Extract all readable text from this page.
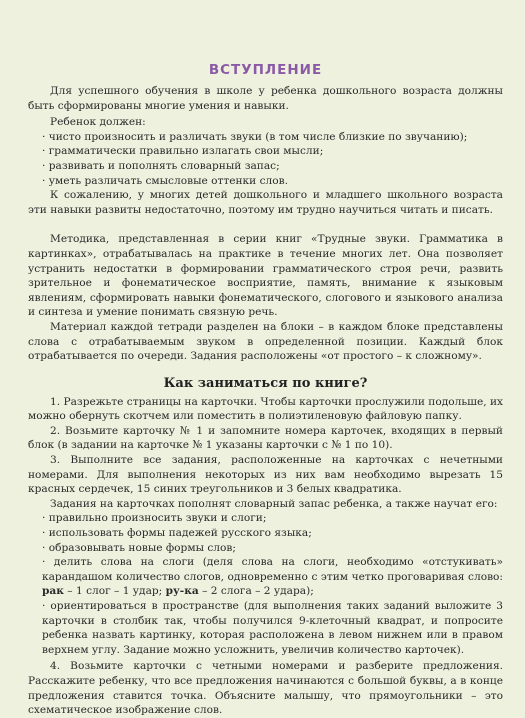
ВСТУПЛЕНИЕ

Для успешного обучения в школе у ребенка дошкольного возраста должны быть сформированы многие умения и навыки.

Ребенок должен:

· чисто произносить и различать звуки (в том числе близкие по звучанию);

· грамматически правильно излагать свои мысли;

· развивать и пополнять словарный запас;

· уметь различать смысловые оттенки слов.

К сожалению, у многих детей дошкольного и младшего школьного возраста эти навыки развиты недостаточно, поэтому им трудно научиться читать и писать.

Методика, представленная в серии книг «Трудные звуки. Грамматика в картинках», отрабатывалась на практике в течение многих лет. Она позволяет устранить недостатки в формировании грамматического строя речи, развить зрительное и фонематическое восприятие, память, внимание к языковым явлениям, сформировать навыки фонематического, слогового и языкового анализа и синтеза и умение понимать связную речь.

Материал каждой тетради разделен на блоки – в каждом блоке представлены слова с отрабатываемым звуком в определенной позиции. Каждый блок отрабатывается по очереди. Задания расположены «от простого – к сложному».

Как заниматься по книге?

1. Разрежьте страницы на карточки. Чтобы карточки прослужили подольше, их можно обернуть скотчем или поместить в полиэтиленовую файловую папку.

2. Возьмите карточку № 1 и запомните номера карточек, входящих в первый блок (в задании на карточке № 1 указаны карточки с № 1 по 10).

3. Выполните все задания, расположенные на карточках с нечетными номерами. Для выполнения некоторых из них вам необходимо вырезать 15 красных сердечек, 15 синих треугольников и 3 белых квадратика.

Задания на карточках пополнят словарный запас ребенка, а также научат его:

· правильно произносить звуки и слоги;

· использовать формы падежей русского языка;

· образовывать новые формы слов;

· делить слова на слоги (деля слова на слоги, необходимо «отстукивать» карандашом количество слогов, одновременно с этим четко проговаривая слово: рак – 1 слог – 1 удар; ру-ка – 2 слога – 2 удара);

· ориентироваться в пространстве (для выполнения таких заданий выложите 3 карточки в столбик так, чтобы получился 9-клеточный квадрат, и попросите ребенка назвать картинку, которая расположена в левом нижнем или в правом верхнем углу. Задание можно усложнить, увеличив количество карточек).

4. Возьмите карточки с четными номерами и разберите предложения. Расскажите ребенку, что все предложения начинаются с большой буквы, а в конце предложения ставится точка. Объясните малышу, что прямоугольники – это схематическое изображение слов.
